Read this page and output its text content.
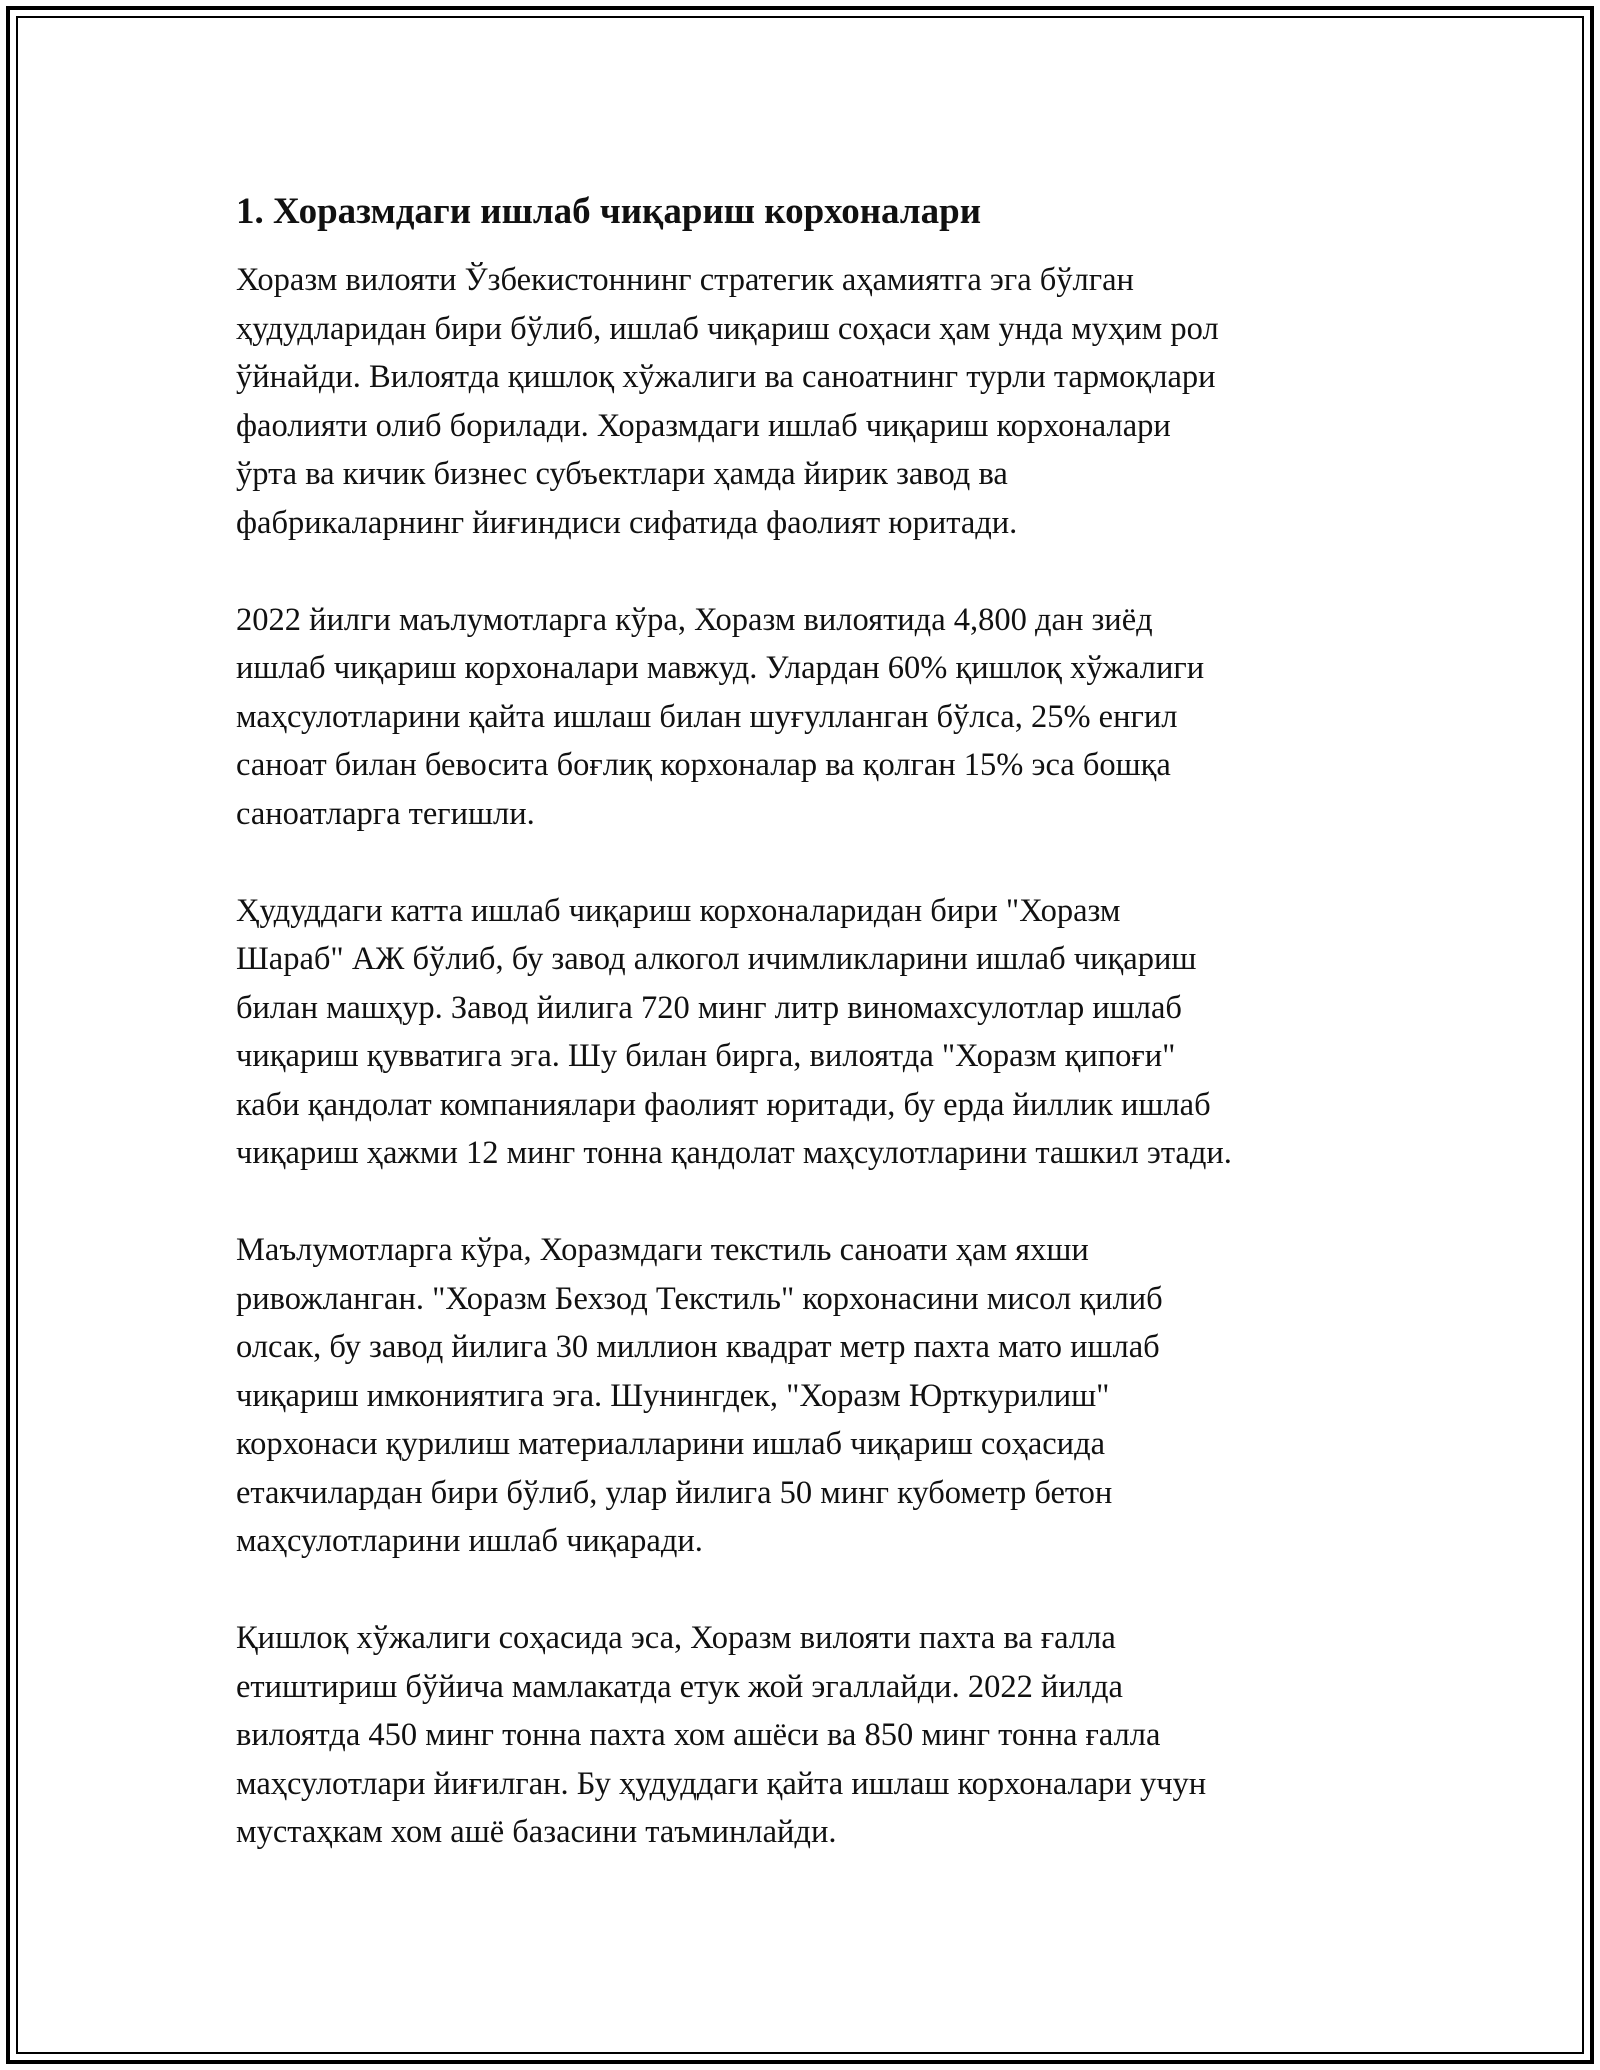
1. Хоразмдаги ишлаб чиқариш корхоналари

Хоразм вилояти Ўзбекистоннинг стратегик аҳамиятга эга бўлган
ҳудудларидан бири бўлиб, ишлаб чиқариш соҳаси ҳам унда муҳим рол
ўйнайди. Вилоятда қишлоқ хўжалиги ва саноатнинг турли тармоқлари
фаолияти олиб борилади. Хоразмдаги ишлаб чиқариш корхоналари
ўрта ва кичик бизнес субъектлари ҳамда йирик завод ва
фабрикаларнинг йиғиндиси сифатида фаолият юритади.

2022 йилги маълумотларга кўра, Хоразм вилоятида 4,800 дан зиёд
ишлаб чиқариш корхоналари мавжуд. Улардан 60% қишлоқ хўжалиги
маҳсулотларини қайта ишлаш билан шуғулланган бўлса, 25% енгил
саноат билан бевосита боғлиқ корхоналар ва қолган 15% эса бошқа
саноатларга тегишли.

Ҳудуддаги катта ишлаб чиқариш корхоналаридан бири "Хоразм
Шараб" АЖ бўлиб, бу завод алкогол ичимликларини ишлаб чиқариш
билан машҳур. Завод йилига 720 минг литр виномахсулотлар ишлаб
чиқариш қувватига эга. Шу билан бирга, вилоятда "Хоразм қипоғи"
каби қандолат компаниялари фаолият юритади, бу ерда йиллик ишлаб
чиқариш ҳажми 12 минг тонна қандолат маҳсулотларини ташкил этади.

Маълумотларга кўра, Хоразмдаги текстиль саноати ҳам яхши
ривожланган. "Хоразм Бехзод Текстиль" корхонасини мисол қилиб
олсак, бу завод йилига 30 миллион квадрат метр пахта мато ишлаб
чиқариш имкониятига эга. Шунингдек, "Хоразм Юрткурилиш"
корхонаси қурилиш материалларини ишлаб чиқариш соҳасида
етакчилардан бири бўлиб, улар йилига 50 минг кубометр бетон
маҳсулотларини ишлаб чиқаради.

Қишлоқ хўжалиги соҳасида эса, Хоразм вилояти пахта ва ғалла
етиштириш бўйича мамлакатда етук жой эгаллайди. 2022 йилда
вилоятда 450 минг тонна пахта хом ашёси ва 850 минг тонна ғалла
маҳсулотлари йиғилган. Бу ҳудуддаги қайта ишлаш корхоналари учун
мустаҳкам хом ашё базасини таъминлайди.
